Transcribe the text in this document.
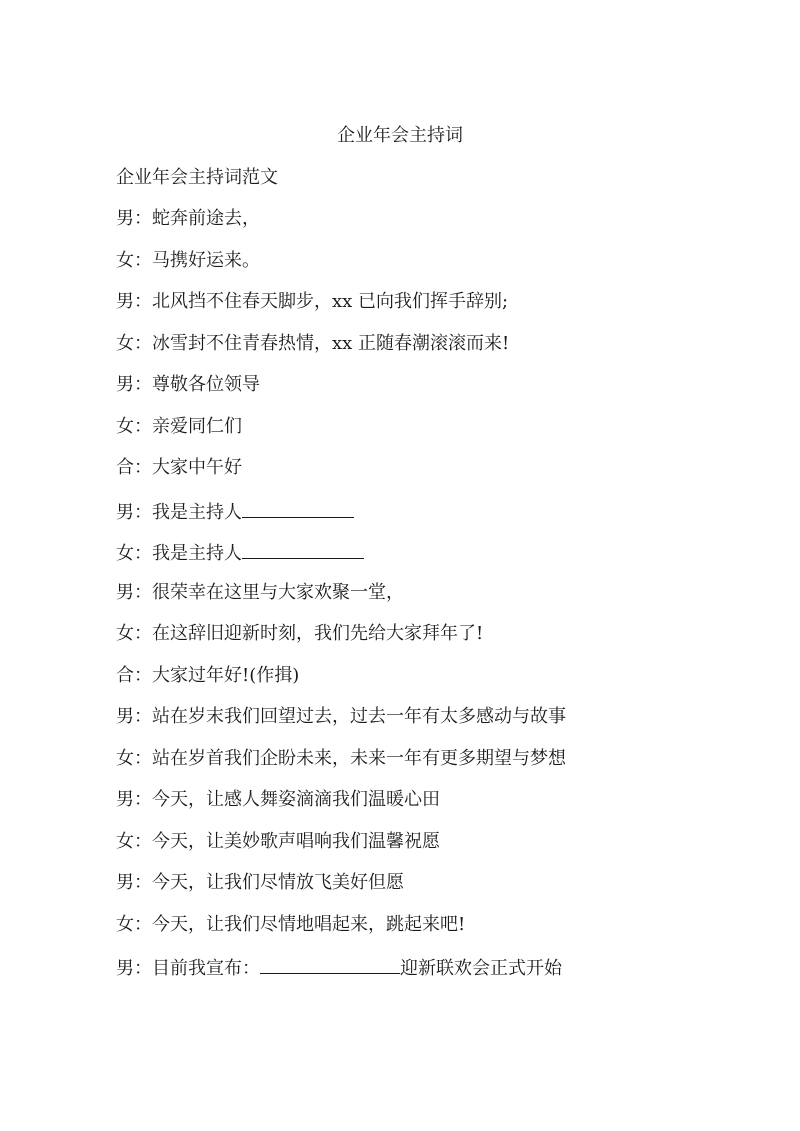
企业年会主持词

企业年会主持词范文

男：蛇奔前途去，
女：马携好运来。
男：北风挡不住春天脚步，xx 已向我们挥手辞别;
女：冰雪封不住青春热情，xx 正随春潮滚滚而来!
男：尊敬各位领导
女：亲爱同仁们
合：大家中午好
男：我是主持人
女：我是主持人
男：很荣幸在这里与大家欢聚一堂，
女：在这辞旧迎新时刻，我们先给大家拜年了!
合：大家过年好!(作揖)
男：站在岁末我们回望过去，过去一年有太多感动与故事
女：站在岁首我们企盼未来，未来一年有更多期望与梦想
男：今天，让感人舞姿滴滴我们温暖心田
女：今天，让美妙歌声唱响我们温馨祝愿
男：今天，让我们尽情放飞美好但愿
女：今天，让我们尽情地唱起来，跳起来吧!
男：目前我宣布：	迎新联欢会正式开始
